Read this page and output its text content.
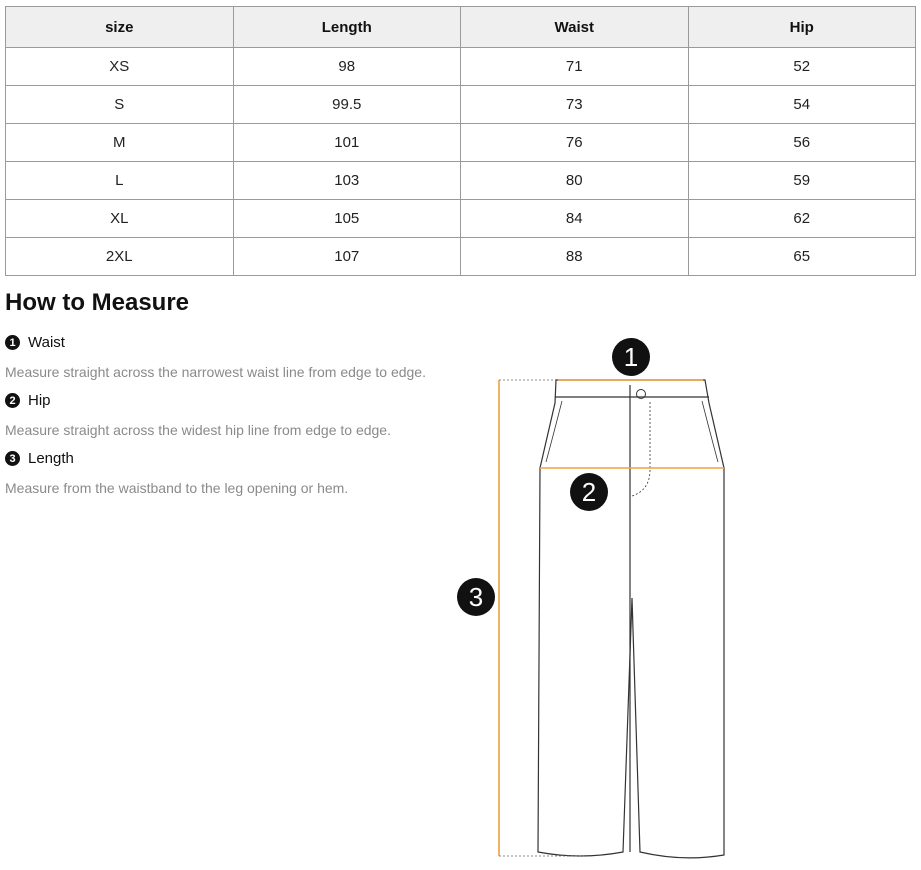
size	Length	Waist	Hip
XS	98	71	52
S	99.5	73	54
M	101	76	56
L	103	80	59
XL	105	84	62
2XL	107	88	65
How to Measure
1 Waist
Measure straight across the narrowest waist line from edge to edge.
2 Hip
Measure straight across the widest hip line from edge to edge.
3 Length
Measure from the waistband to the leg opening or hem.
1
2
3
